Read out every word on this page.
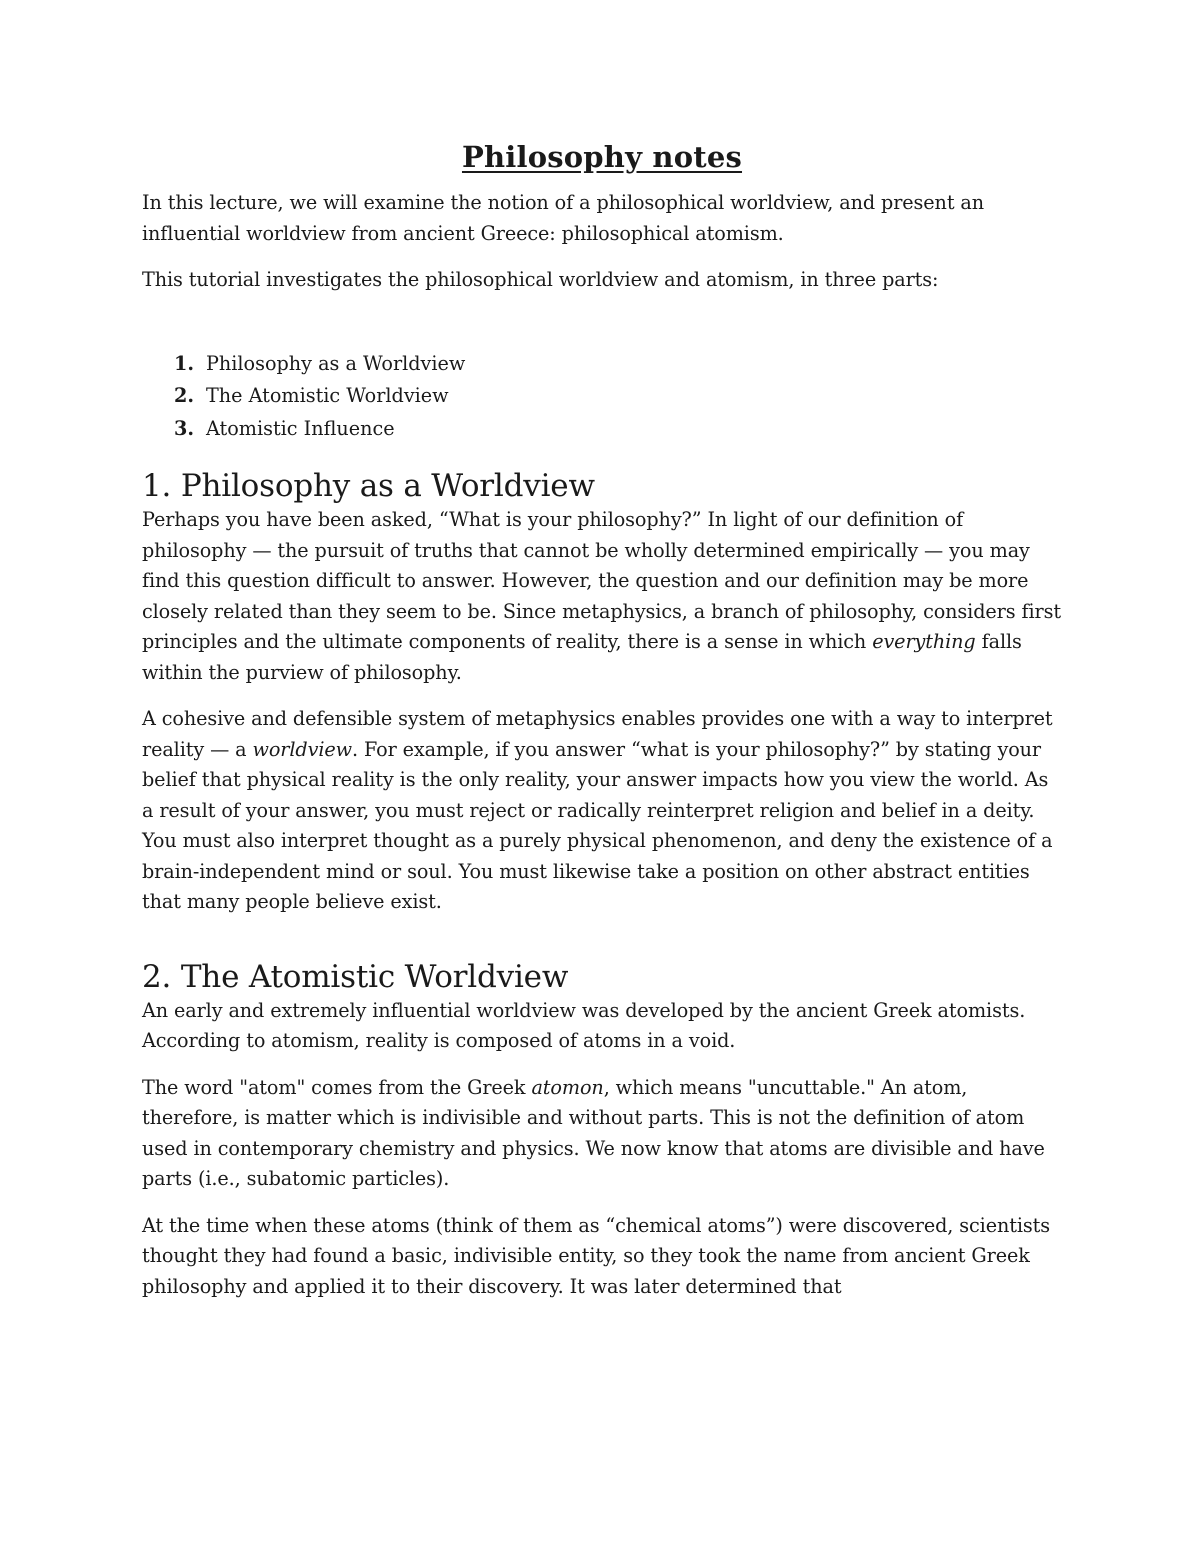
Philosophy notes

In this lecture, we will examine the notion of a philosophical worldview, and present an influential worldview from ancient Greece: philosophical atomism.

This tutorial investigates the philosophical worldview and atomism, in three parts:

1. Philosophy as a Worldview
2. The Atomistic Worldview
3. Atomistic Influence
1. Philosophy as a Worldview

Perhaps you have been asked, “What is your philosophy?” In light of our definition of philosophy — the pursuit of truths that cannot be wholly determined empirically — you may find this question difficult to answer. However, the question and our definition may be more closely related than they seem to be. Since metaphysics, a branch of philosophy, considers first principles and the ultimate components of reality, there is a sense in which everything falls within the purview of philosophy.

A cohesive and defensible system of metaphysics enables provides one with a way to interpret reality — a worldview. For example, if you answer “what is your philosophy?” by stating your belief that physical reality is the only reality, your answer impacts how you view the world. As a result of your answer, you must reject or radically reinterpret religion and belief in a deity. You must also interpret thought as a purely physical phenomenon, and deny the existence of a brain-independent mind or soul. You must likewise take a position on other abstract entities that many people believe exist.

2. The Atomistic Worldview

An early and extremely influential worldview was developed by the ancient Greek atomists. According to atomism, reality is composed of atoms in a void.

The word "atom" comes from the Greek atomon, which means "uncuttable." An atom, therefore, is matter which is indivisible and without parts. This is not the definition of atom used in contemporary chemistry and physics. We now know that atoms are divisible and have parts (i.e., subatomic particles).

At the time when these atoms (think of them as “chemical atoms”) were discovered, scientists thought they had found a basic, indivisible entity, so they took the name from ancient Greek philosophy and applied it to their discovery. It was later determined that
